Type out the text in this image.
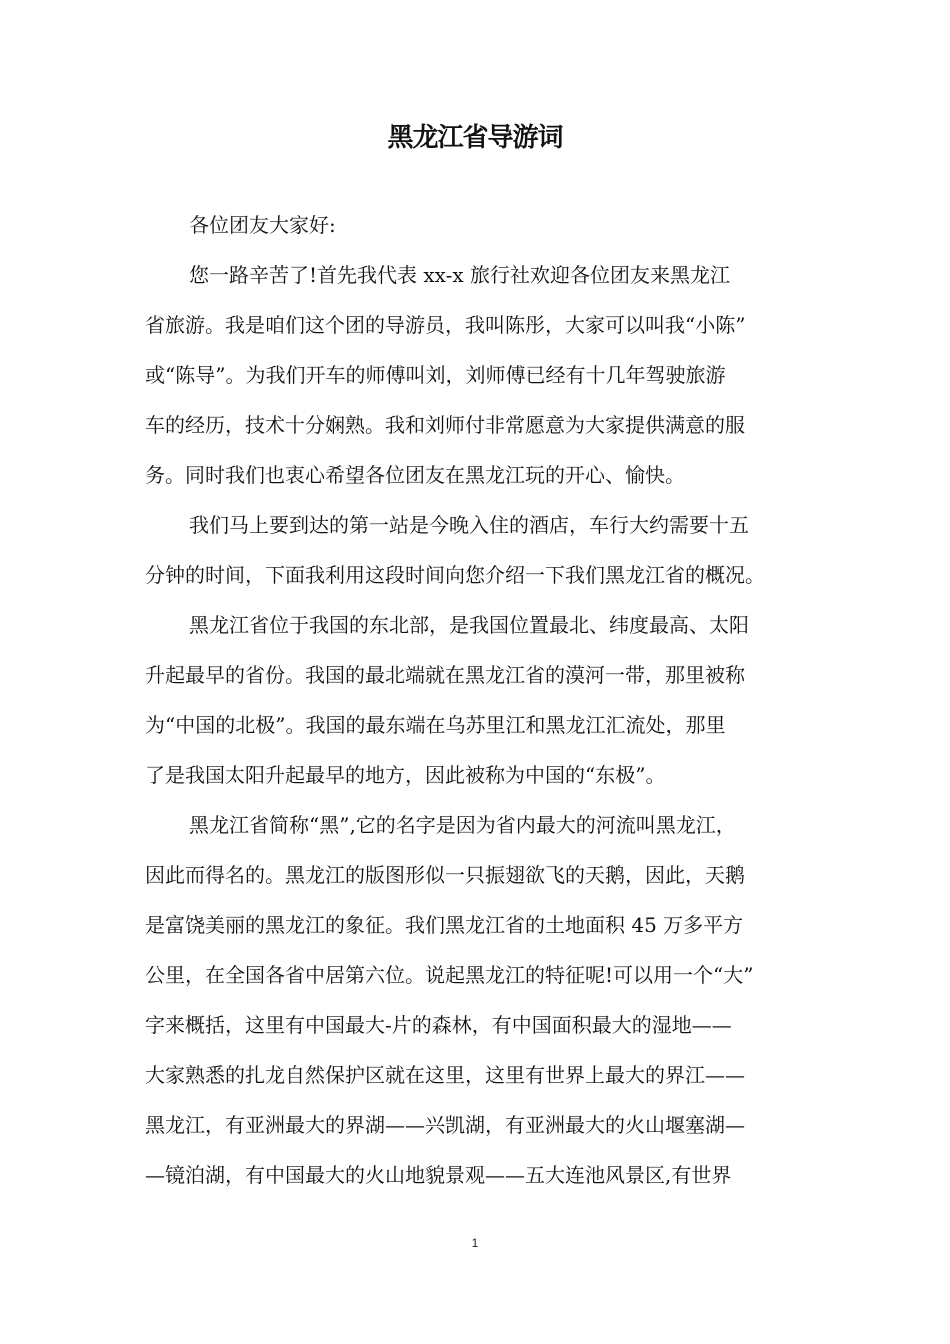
黑龙江省导游词
各位团友大家好:
您一路辛苦了!首先我代表 xx-x 旅行社欢迎各位团友来黑龙江
省旅游。我是咱们这个团的导游员，我叫陈彤，大家可以叫我“小陈”
或“陈导”。为我们开车的师傅叫刘，刘师傅已经有十几年驾驶旅游
车的经历，技术十分娴熟。我和刘师付非常愿意为大家提供满意的服
务。同时我们也衷心希望各位团友在黑龙江玩的开心、愉快。
我们马上要到达的第一站是今晚入住的酒店，车行大约需要十五
分钟的时间，下面我利用这段时间向您介绍一下我们黑龙江省的概况。
黑龙江省位于我国的东北部，是我国位置最北、纬度最高、太阳
升起最早的省份。我国的最北端就在黑龙江省的漠河一带，那里被称
为“中国的北极”。我国的最东端在乌苏里江和黑龙江汇流处，那里
了是我国太阳升起最早的地方，因此被称为中国的“东极”。
黑龙江省简称“黑”,它的名字是因为省内最大的河流叫黑龙江，
因此而得名的。黑龙江的版图形似一只振翅欲飞的天鹅，因此，天鹅
是富饶美丽的黑龙江的象征。我们黑龙江省的土地面积 45 万多平方
公里，在全国各省中居第六位。说起黑龙江的特征呢!可以用一个“大”
字来概括，这里有中国最大-片的森林，有中国面积最大的湿地——
大家熟悉的扎龙自然保护区就在这里，这里有世界上最大的界江——
黑龙江，有亚洲最大的界湖——兴凯湖，有亚洲最大的火山堰塞湖—
—镜泊湖，有中国最大的火山地貌景观——五大连池风景区,有世界
1
